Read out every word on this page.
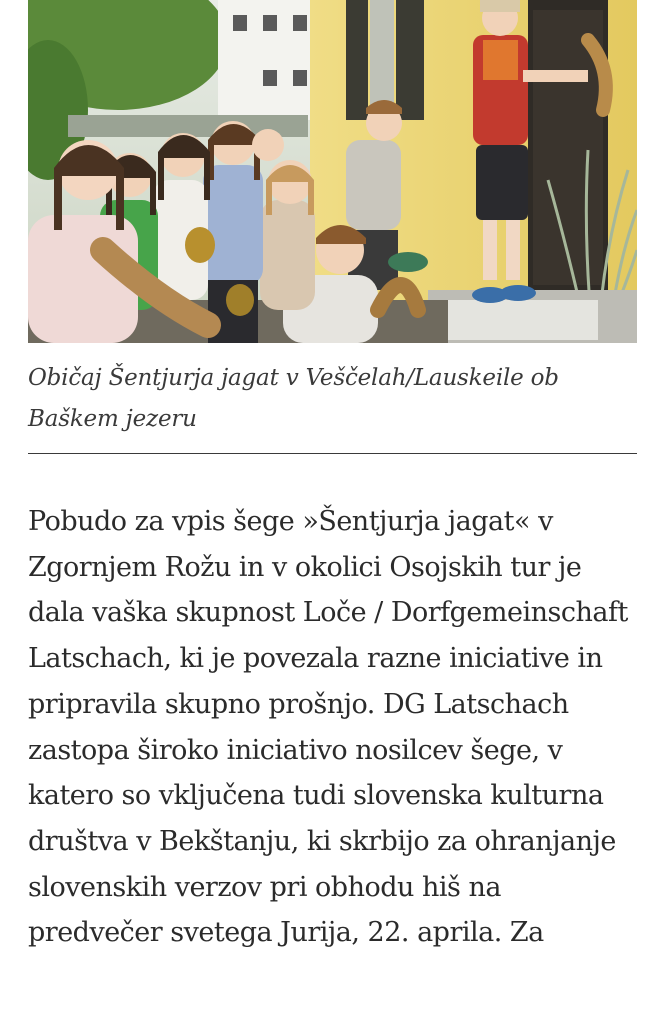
Običaj Šentjurja jagat v Veščelah/Lauskeile ob Baškem jezeru

Pobudo za vpis šege »Šentjurja jagat« v Zgornjem Rožu in v okolici Osojskih tur je dala vaška skupnost Loče / Dorfgemeinschaft Latschach, ki je povezala razne iniciative in pripravila skupno prošnjo. DG Latschach zastopa široko iniciativo nosilcev šege, v katero so vključena tudi slovenska kulturna društva v Bekštanju, ki skrbijo za ohranjanje slovenskih verzov pri obhodu hiš na predvečer svetega Jurija, 22. aprila. Za
